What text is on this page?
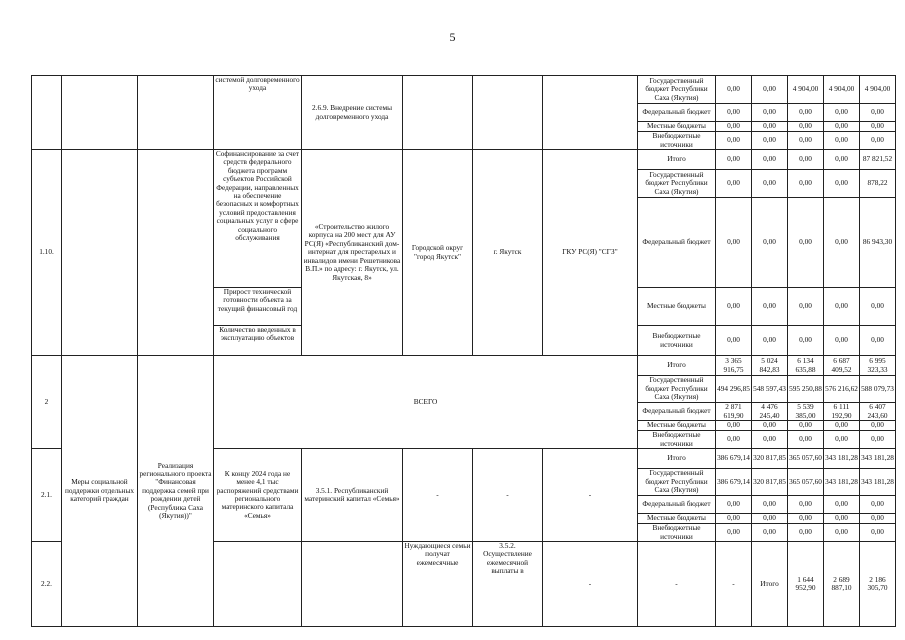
5
			системой долговременного ухода	2.6.9. Внедрение системы долговременного ухода				Государственный бюджет Республики Саха (Якутия)	0,00	0,00	4 904,00	4 904,00	4 904,00	
								Федеральный бюджет	0,00	0,00	0,00	0,00	0,00	
								Местные бюджеты	0,00	0,00	0,00	0,00	0,00	
								Внебюджетные источники	0,00	0,00	0,00	0,00	0,00	
1.10.			Софинансирование за счет средств федерального бюджета программ субъектов Российской Федерации, направленных на обеспечение безопасных и комфортных условий предоставления социальных услуг в сфере социального обслуживания	«Строительство жилого корпуса на 200 мест для АУ РС(Я) «Республиканский дом-интернат для престарелых и инвалидов имени Решетникова В.П.» по адресу: г. Якутск, ул. Якутская, 8»	Городской округ "город Якутск"	г. Якутск	ГКУ РС(Я) "СГЗ"	Итого	0,00	0,00	0,00	0,00	87 821,52	
								Государственный бюджет Республики Саха (Якутия)	0,00	0,00	0,00	0,00	878,22	
								Федеральный бюджет	0,00	0,00	0,00	0,00	86 943,30	
			Прирост технической готовности объекта за текущий финансовый год					Местные бюджеты	0,00	0,00	0,00	0,00	0,00	
			Количество введенных в эксплуатацию объектов					Внебюджетные источники	0,00	0,00	0,00	0,00	0,00	
2	Меры социальной поддержки отдельных категорий граждан	Реализация регионального проекта "Финансовая поддержка семей при рождении детей (Республика Саха (Якутия))"	ВСЕГО					Итого	3 365 916,75	5 024 842,83	6 134 635,88	6 687 409,52	6 995 323,33	
								Государственный бюджет Республики Саха (Якутия)	494 296,85	548 597,43	595 250,88	576 216,62	588 079,73	
								Федеральный бюджет	2 871 619,90	4 476 245,40	5 539 385,00	6 111 192,90	6 407 243,60	
								Местные бюджеты	0,00	0,00	0,00	0,00	0,00	
								Внебюджетные источники	0,00	0,00	0,00	0,00	0,00	
2.1.			К концу 2024 года не менее 4,1 тыс распоряжений средствами регионального материнского капитала «Семья»	3.5.1. Республиканский материнский капитал «Семья»	-	-	-	Итого	386 679,14	320 817,85	365 057,60	343 181,28	343 181,28	
								Государственный бюджет Республики Саха (Якутия)	386 679,14	320 817,85	365 057,60	343 181,28	343 181,28	
								Федеральный бюджет	0,00	0,00	0,00	0,00	0,00	
								Местные бюджеты	0,00	0,00	0,00	0,00	0,00	
								Внебюджетные источники	0,00	0,00	0,00	0,00	0,00	
2.2.					Нуждающиеся семьи получат ежемесячные	3.5.2. Осуществление ежемесячной выплаты в	-	-	-	Итого	1 644 952,90	2 689 887,10	2 186 305,70		
